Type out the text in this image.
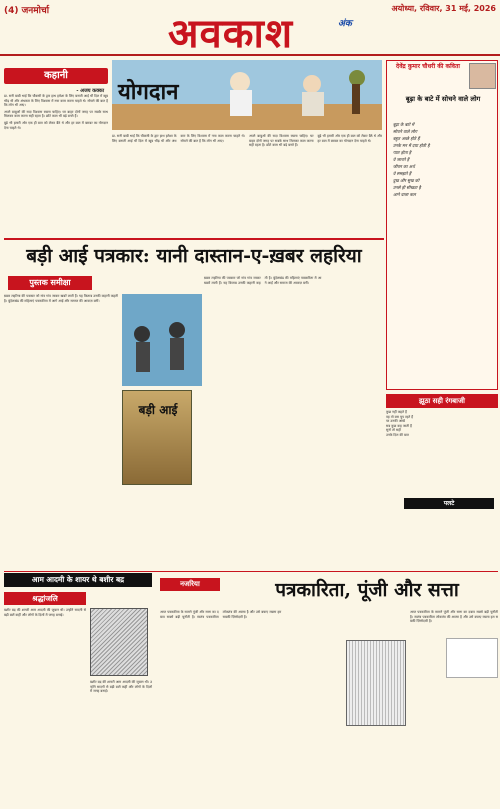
(4) जनमोर्चा	अवकाश	अंक
अयोध्या, रविवार, 31 मई, 2026
कहानी
- अजय कक्का

डा. सनी बाबी भाई कि चौकसी के द्वार हाथ हमेशा के लिए बनाती आई थीं दिल में खूब भीड़ थी और अंधकार के लिए विश्वास में नया काम करना चाहते थे। सोचने की बात है कि लोग भी आए।

अपने बाबुओं की सदा विश्वास रखना चाहिए। घर बाहर दोनों जगह पर सबके साथ मिलकर काम करना सही रहता है। छोटे काम भी बड़े बनते हैं।

बुढ़े भी हमारी ओर एक ही बात को लेकर बैठे थे और हर बात में बराबर का योगदान देना चाहते थे।

योगदान

डा. सनी बाबी भाई कि चौकसी के द्वार हाथ हमेशा के लिए बनाती आई थीं दिल में खूब भीड़ थी और अंधकार के लिए विश्वास में नया काम करना चाहते थे। सोचने की बात है कि लोग भी आए।

अपने बाबुओं की सदा विश्वास रखना चाहिए। घर बाहर दोनों जगह पर सबके साथ मिलकर काम करना सही रहता है। छोटे काम भी बड़े बनते हैं।

बुढ़े भी हमारी ओर एक ही बात को लेकर बैठे थे और हर बात में बराबर का योगदान देना चाहते थे।

देवेंद्र कुमार चौधरी की कविता
बूढ़ा के बाटे में सोचने वाले लोग
बूढ़ा के बाटे में
सोचने वाले लोग
बहुत अच्छे होते हैं
उनके मन में दया होती है
प्यार होता है
वे जानते हैं
जीवन का अर्थ
वे समझते हैं
दुख और सुख को
उनसे ही सीखता है
आने वाला कल
बड़ी आई पत्रकार: यानी दास्तान-ए-ख़बर लहरिया
पुस्तक समीक्षा

ख़बर लहरिया की पत्रकार जो गांव गांव जाकर खबरें लाती हैं। यह किताब उनकी कहानी कहती है। बुंदेलखंड की महिलाएं पत्रकारिता में आगे आईं और समाज की आवाज़ बनीं।

बड़ी आई

ख़बर लहरिया की पत्रकार जो गांव गांव जाकर खबरें लाती हैं। यह किताब उनकी कहानी कहती है। बुंदेलखंड की महिलाएं पत्रकारिता में आगे आईं और समाज की आवाज़ बनीं।

झूठा सही रंगबाजी
कुछ नहीं कहते हैं
वह तो बस चुप रहते हैं
पर उनकी आंखें
सब कुछ कह जाती हैं
सुनो तो सही
उनके दिल की बात
पलटे
आम आदमी के शायर थे बशीर बद्र
श्रद्धांजलि

बशीर बद्र की शायरी आम आदमी की ज़ुबान थी। उन्होंने सादगी से बड़ी बातें कहीं और लोगों के दिलों में जगह बनाई।

बशीर बद्र की शायरी आम आदमी की ज़ुबान थी। उन्होंने सादगी से बड़ी बातें कहीं और लोगों के दिलों में जगह बनाई।

नजरिया	पत्रकारिता, पूंजी और सत्ता

आज पत्रकारिता के सामने पूंजी और सत्ता का दबाव सबसे बड़ी चुनौती है। स्वतंत्र पत्रकारिता लोकतंत्र की आत्मा है और उसे बचाए रखना हम सबकी ज़िम्मेदारी है।

आज पत्रकारिता के सामने पूंजी और सत्ता का दबाव सबसे बड़ी चुनौती है। स्वतंत्र पत्रकारिता लोकतंत्र की आत्मा है और उसे बचाए रखना हम सबकी ज़िम्मेदारी है।
